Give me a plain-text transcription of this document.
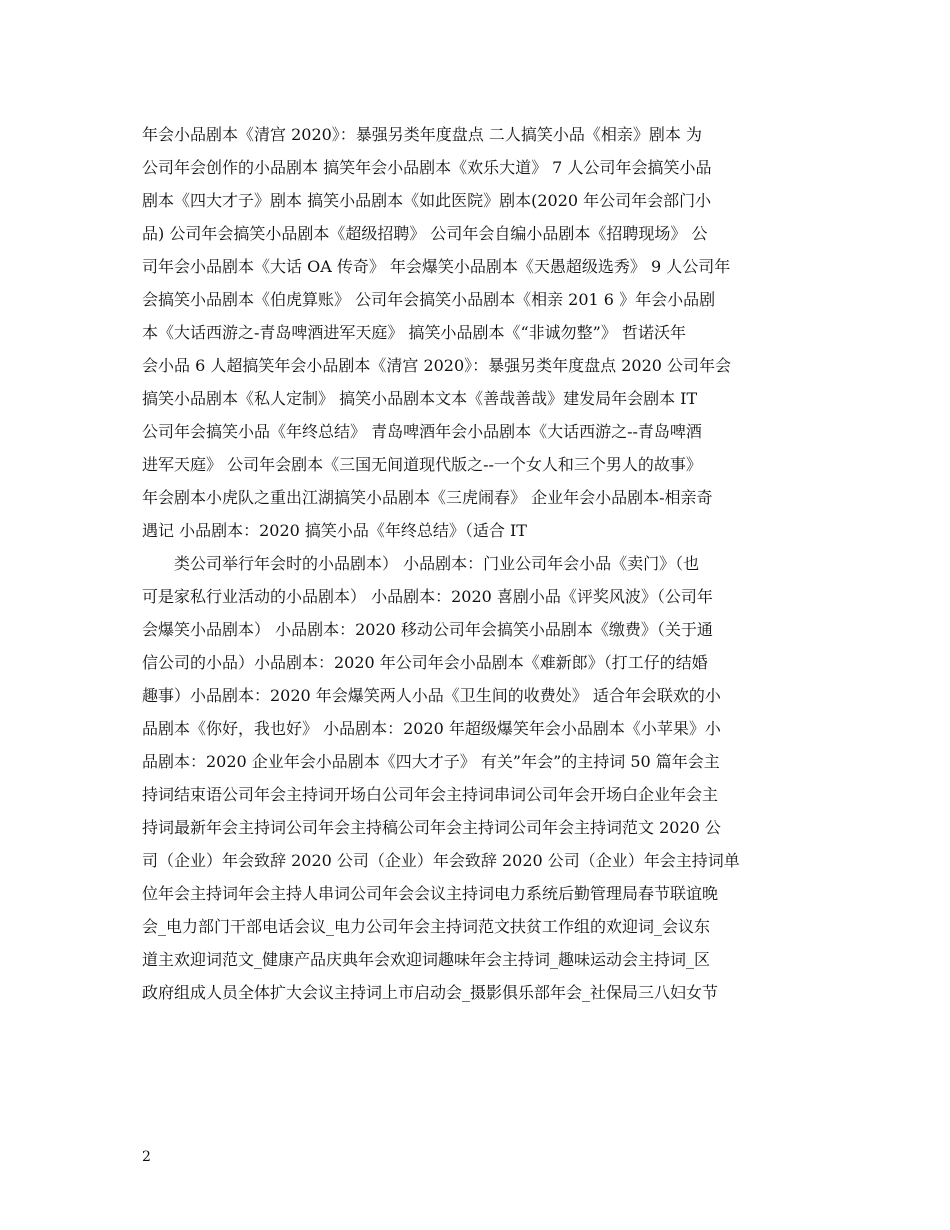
年会小品剧本《清宫 2020》：暴强另类年度盘点 二人搞笑小品《相亲》剧本 为
公司年会创作的小品剧本 搞笑年会小品剧本《欢乐大道》 7 人公司年会搞笑小品
剧本《四大才子》剧本 搞笑小品剧本《如此医院》剧本(2020 年公司年会部门小
品) 公司年会搞笑小品剧本《超级招聘》 公司年会自编小品剧本《招聘现场》 公
司年会小品剧本《大话 OA 传奇》 年会爆笑小品剧本《天愚超级选秀》 9 人公司年
会搞笑小品剧本《伯虎算账》 公司年会搞笑小品剧本《相亲 201 6 》年会小品剧
本《大话西游之-青岛啤酒进军天庭》 搞笑小品剧本《“非诚勿整”》 哲诺沃年
会小品 6 人超搞笑年会小品剧本《清宫 2020》：暴强另类年度盘点 2020 公司年会
搞笑小品剧本《私人定制》 搞笑小品剧本文本《善哉善哉》建发局年会剧本 IT
公司年会搞笑小品《年终总结》 青岛啤酒年会小品剧本《大话西游之--青岛啤酒
进军天庭》 公司年会剧本《三国无间道现代版之--一个女人和三个男人的故事》
年会剧本小虎队之重出江湖搞笑小品剧本《三虎闹春》 企业年会小品剧本-相亲奇
遇记 小品剧本：2020 搞笑小品《年终总结》（适合 IT
类公司举行年会时的小品剧本） 小品剧本：门业公司年会小品《卖门》（也
可是家私行业活动的小品剧本） 小品剧本：2020 喜剧小品《评奖风波》（公司年
会爆笑小品剧本） 小品剧本：2020 移动公司年会搞笑小品剧本《缴费》（关于通
信公司的小品）小品剧本：2020 年公司年会小品剧本《难新郎》（打工仔的结婚
趣事）小品剧本：2020 年会爆笑两人小品《卫生间的收费处》 适合年会联欢的小
品剧本《你好，我也好》 小品剧本：2020 年超级爆笑年会小品剧本《小苹果》小
品剧本：2020 企业年会小品剧本《四大才子》 有关”年会”的主持词 50 篇年会主
持词结束语公司年会主持词开场白公司年会主持词串词公司年会开场白企业年会主
持词最新年会主持词公司年会主持稿公司年会主持词公司年会主持词范文 2020 公
司（企业）年会致辞 2020 公司（企业）年会致辞 2020 公司（企业）年会主持词单
位年会主持词年会主持人串词公司年会会议主持词电力系统后勤管理局春节联谊晚
会_电力部门干部电话会议_电力公司年会主持词范文扶贫工作组的欢迎词_会议东
道主欢迎词范文_健康产品庆典年会欢迎词趣味年会主持词_趣味运动会主持词_区
政府组成人员全体扩大会议主持词上市启动会_摄影俱乐部年会_社保局三八妇女节
2
